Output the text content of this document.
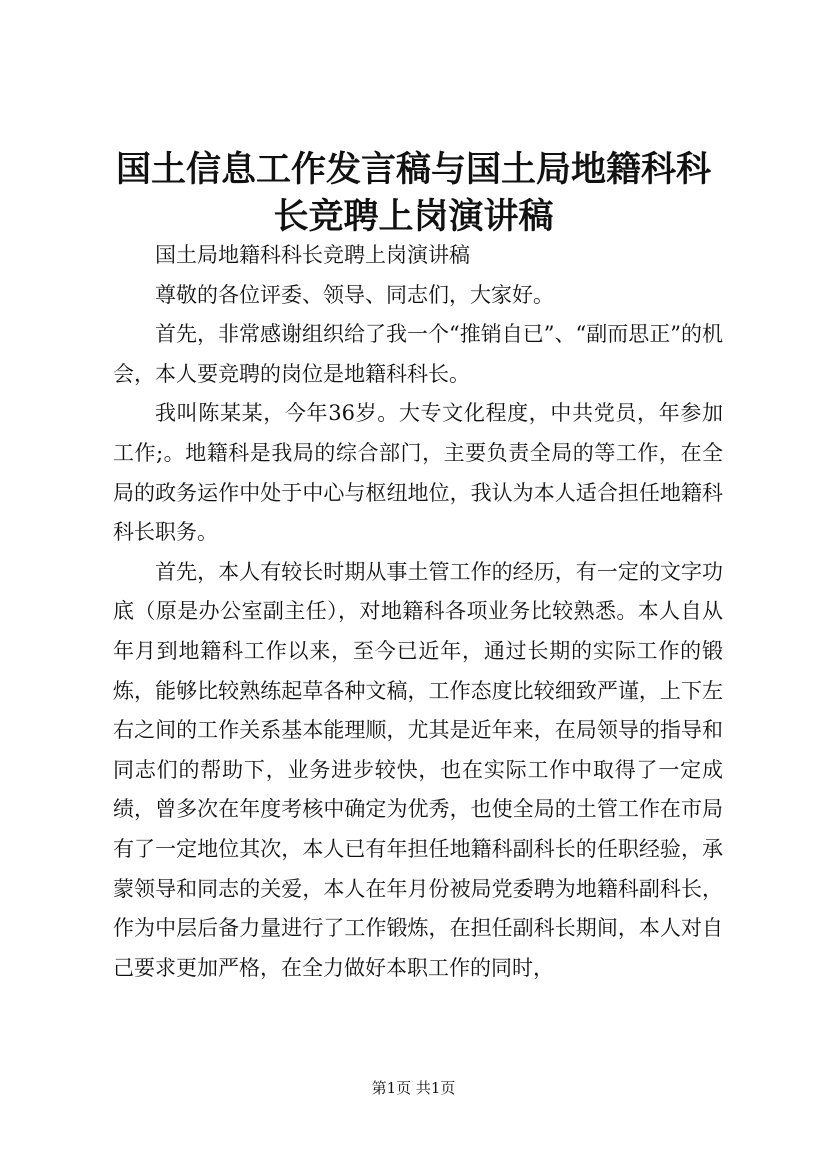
国土信息工作发言稿与国土局地籍科科长竞聘上岗演讲稿

国土局地籍科科长竞聘上岗演讲稿

尊敬的各位评委、领导、同志们，大家好。

首先，非常感谢组织给了我一个“推销自已”、“副而思正”的机会，本人要竞聘的岗位是地籍科科长。

我叫陈某某，今年36岁。大专文化程度，中共党员，年参加工作;。地籍科是我局的综合部门，主要负责全局的等工作，在全局的政务运作中处于中心与枢纽地位，我认为本人适合担任地籍科科长职务。

首先，本人有较长时期从事土管工作的经历，有一定的文字功底（原是办公室副主任），对地籍科各项业务比较熟悉。本人自从年月到地籍科工作以来，至今已近年，通过长期的实际工作的锻炼，能够比较熟练起草各种文稿，工作态度比较细致严谨，上下左右之间的工作关系基本能理顺，尤其是近年来，在局领导的指导和同志们的帮助下，业务进步较快，也在实际工作中取得了一定成绩，曾多次在年度考核中确定为优秀，也使全局的土管工作在市局有了一定地位其次，本人已有年担任地籍科副科长的任职经验，承蒙领导和同志的关爱，本人在年月份被局党委聘为地籍科副科长，作为中层后备力量进行了工作锻炼，在担任副科长期间，本人对自己要求更加严格，在全力做好本职工作的同时，

第1页 共1页
